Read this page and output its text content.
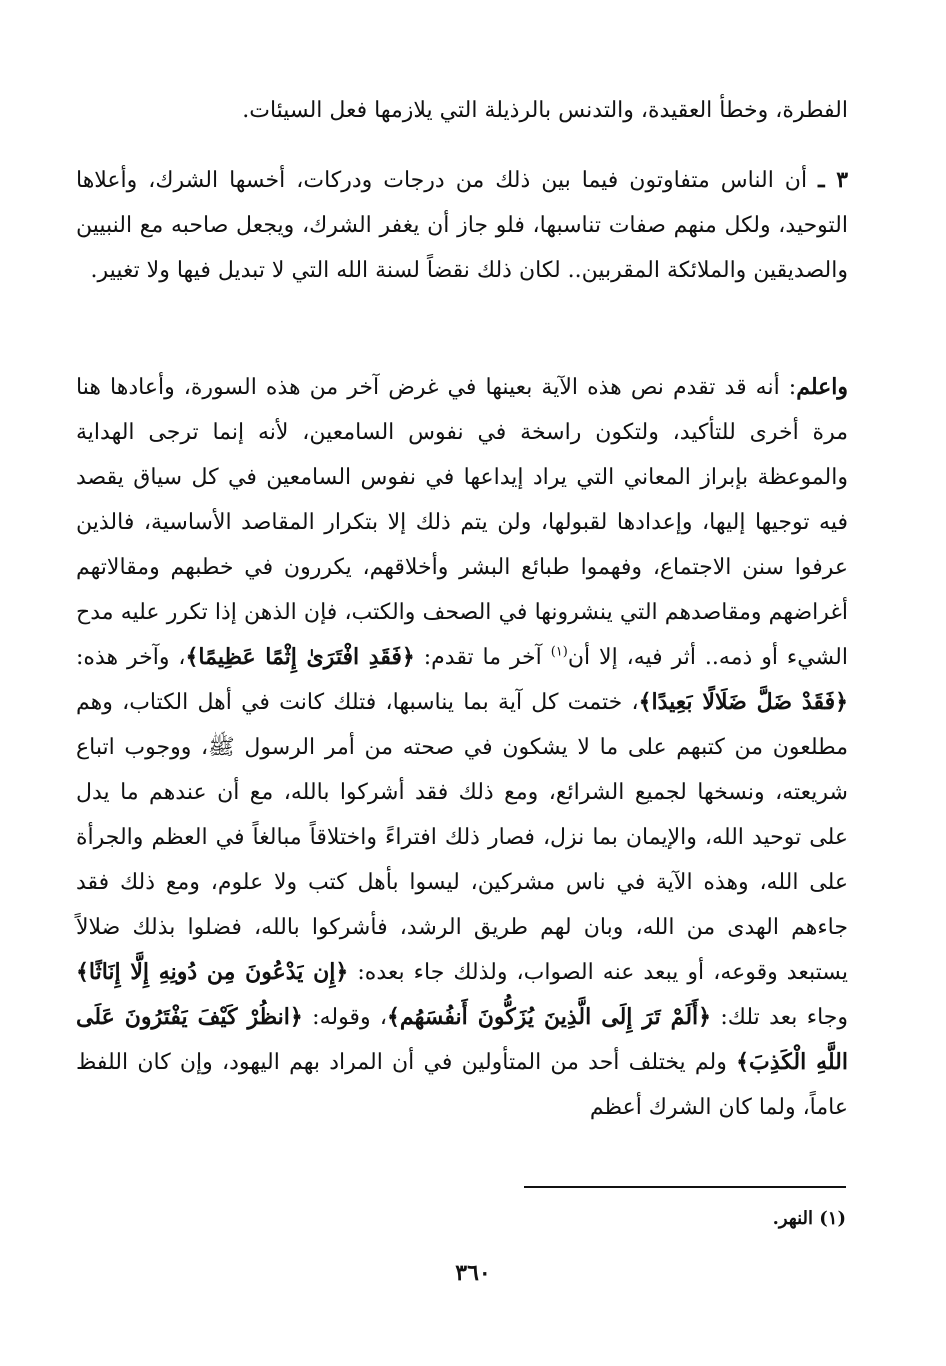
الفطرة، وخطأ العقيدة، والتدنس بالرذيلة التي يلازمها فعل السيئات.

٣ ـ أن الناس متفاوتون فيما بين ذلك من درجات ودركات، أخسها الشرك، وأعلاها التوحيد، ولكل منهم صفات تناسبها، فلو جاز أن يغفر الشرك، ويجعل صاحبه مع النبيين والصديقين والملائكة المقربين.. لكان ذلك نقضاً لسنة الله التي لا تبديل فيها ولا تغيير.

واعلم: أنه قد تقدم نص هذه الآية بعينها في غرض آخر من هذه السورة، وأعادها هنا مرة أخرى للتأكيد، ولتكون راسخة في نفوس السامعين، لأنه إنما ترجى الهداية والموعظة بإبراز المعاني التي يراد إيداعها في نفوس السامعين في كل سياق يقصد فيه توجيها إليها، وإعدادها لقبولها، ولن يتم ذلك إلا بتكرار المقاصد الأساسية، فالذين عرفوا سنن الاجتماع، وفهموا طبائع البشر وأخلاقهم، يكررون في خطبهم ومقالاتهم أغراضهم ومقاصدهم التي ينشرونها في الصحف والكتب، فإن الذهن إذا تكرر عليه مدح الشيء أو ذمه.. أثر فيه، إلا أن$^{(١)}$ آخر ما تقدم: ﴿فَقَدِ افْتَرَىٰ إِثْمًا عَظِيمًا﴾، وآخر هذه: ﴿فَقَدْ ضَلَّ ضَلَالًا بَعِيدًا﴾، ختمت كل آية بما يناسبها، فتلك كانت في أهل الكتاب، وهم مطلعون من كتبهم على ما لا يشكون في صحته من أمر الرسول ﷺ، ووجوب اتباع شريعته، ونسخها لجميع الشرائع، ومع ذلك فقد أشركوا بالله، مع أن عندهم ما يدل على توحيد الله، والإيمان بما نزل، فصار ذلك افتراءً واختلاقاً مبالغاً في العظم والجرأة على الله، وهذه الآية في ناس مشركين، ليسوا بأهل كتب ولا علوم، ومع ذلك فقد جاءهم الهدى من الله، وبان لهم طريق الرشد، فأشركوا بالله، فضلوا بذلك ضلالاً يستبعد وقوعه، أو يبعد عنه الصواب، ولذلك جاء بعده: ﴿إِن يَدْعُونَ مِن دُونِهِ إِلَّا إِنَاثًا﴾ وجاء بعد تلك: ﴿أَلَمْ تَرَ إِلَى الَّذِينَ يُزَكُّونَ أَنفُسَهُم﴾، وقوله: ﴿انظُرْ كَيْفَ يَفْتَرُونَ عَلَى اللَّهِ الْكَذِبَ﴾ ولم يختلف أحد من المتأولين في أن المراد بهم اليهود، وإن كان اللفظ عاماً، ولما كان الشرك أعظم

(١) النهر.
٣٦٠
